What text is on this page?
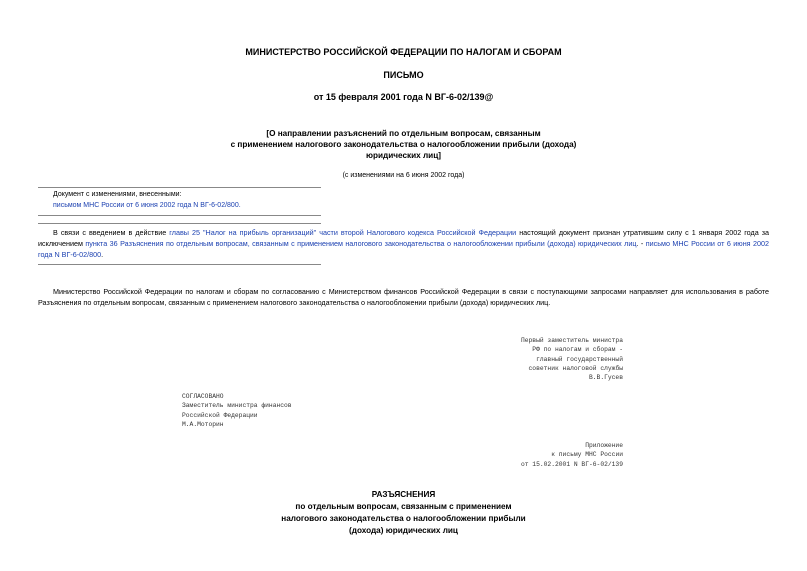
МИНИСТЕРСТВО РОССИЙСКОЙ ФЕДЕРАЦИИ ПО НАЛОГАМ И СБОРАМ
ПИСЬМО
от 15 февраля 2001 года N ВГ-6-02/139@
[О направлении разъяснений по отдельным вопросам, связанным
с применением налогового законодательства о налогообложении прибыли (дохода)
юридических лиц]
(с изменениями на 6 июня 2002 года)
Документ с изменениями, внесенными:
письмом МНС России от 6 июня 2002 года N ВГ-6-02/800.
В связи с введением в действие главы 25 "Налог на прибыль организаций" части второй Налогового кодекса Российской Федерации настоящий документ признан утратившим силу с 1 января 2002 года за исключением пункта 36 Разъяснения по отдельным вопросам, связанным с применением налогового законодательства о налогообложении прибыли (дохода) юридических лиц. - письмо МНС России от 6 июня 2002 года N ВГ-6-02/800.
Министерство Российской Федерации по налогам и сборам по согласованию с Министерством финансов Российской Федерации в связи с поступающими запросами направляет для использования в работе Разъяснения по отдельным вопросам, связанным с применением налогового законодательства о налогообложении прибыли (дохода) юридических лиц.
Первый заместитель министра
РФ по налогам и сборам -
главный государственный
советник налоговой службы
В.В.Гусев
СОГЛАСОВАНО
Заместитель министра финансов
Российской Федерации
М.А.Моторин
Приложение
к письму МНС России
от 15.02.2001 N ВГ-6-02/139
РАЗЪЯСНЕНИЯ
по отдельным вопросам, связанным с применением
налогового законодательства о налогообложении прибыли
(дохода) юридических лиц
